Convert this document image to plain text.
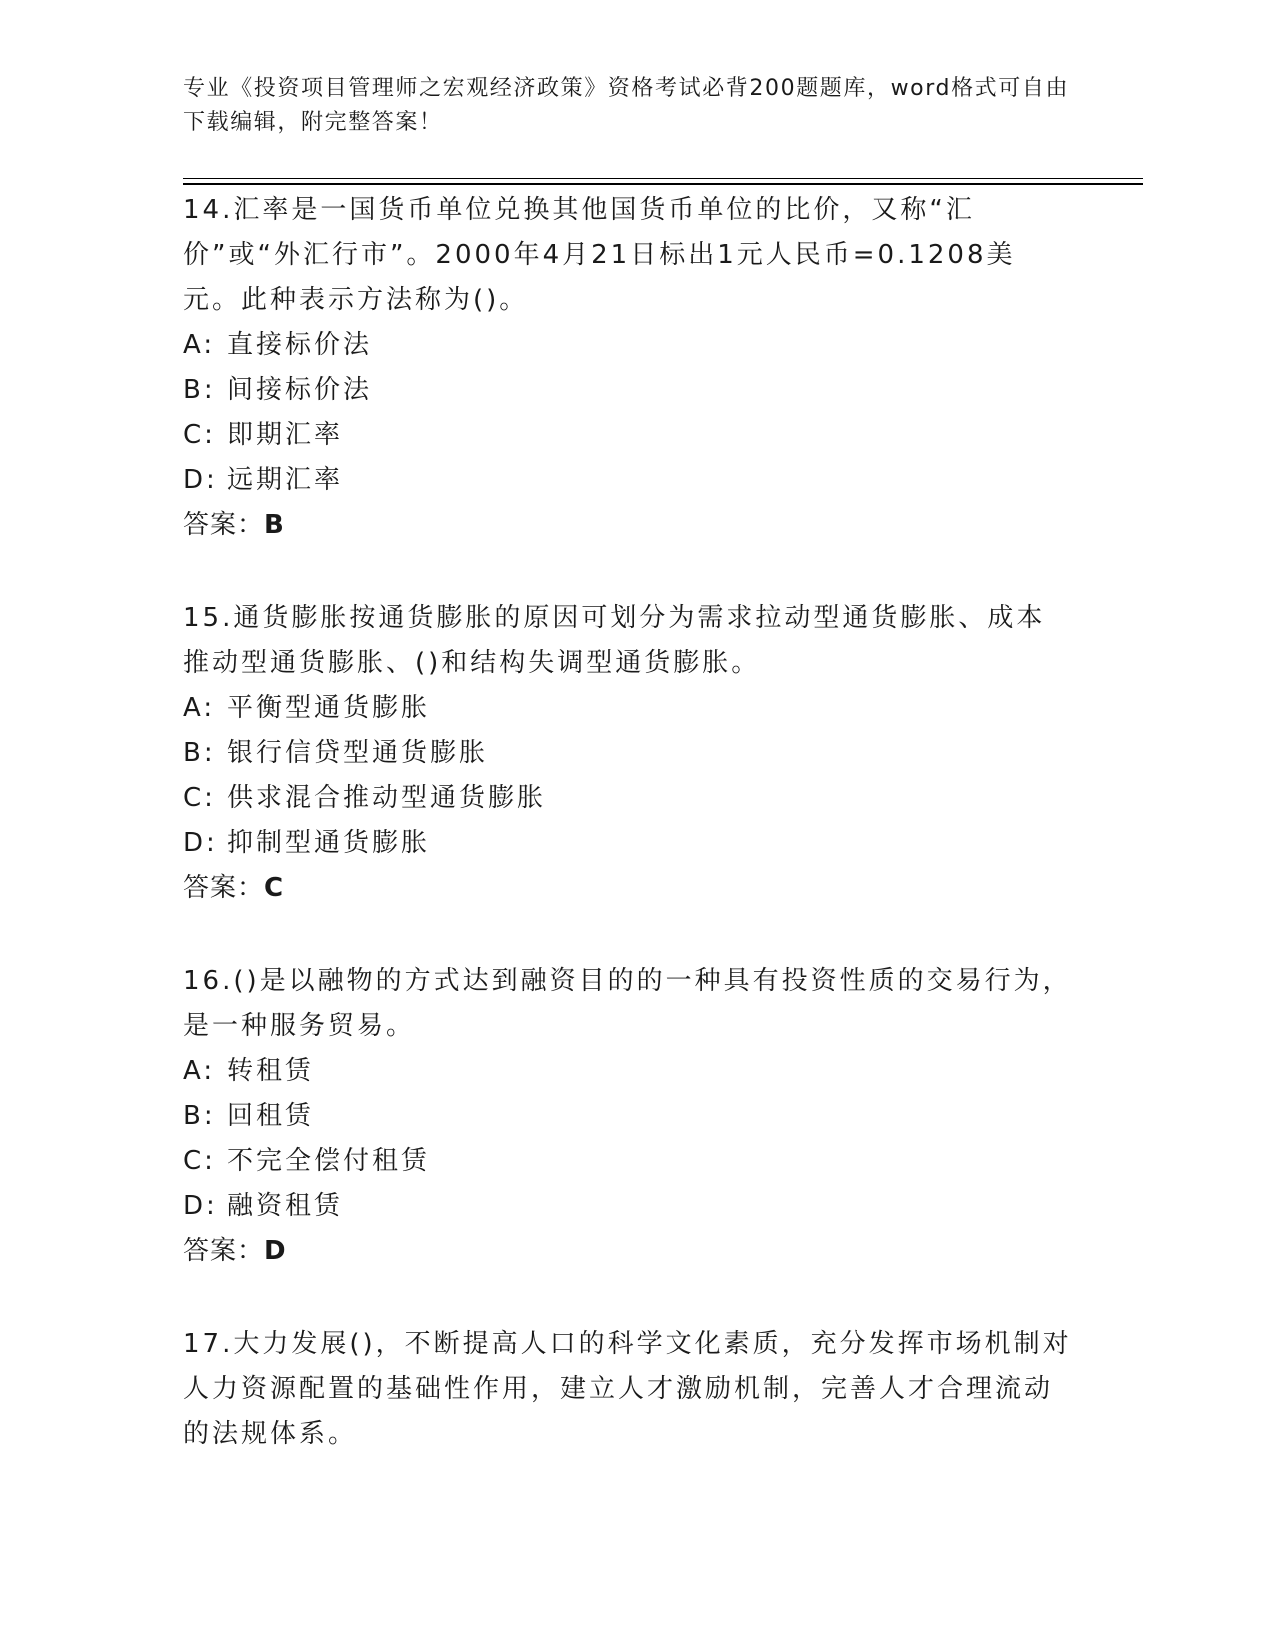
专业《投资项目管理师之宏观经济政策》资格考试必背200题题库，word格式可自由下载编辑，附完整答案！

14.汇率是一国货币单位兑换其他国货币单位的比价，又称“汇价”或“外汇行市”。2000年4月21日标出1元人民币=0.1208美元。此种表示方法称为()。

A: 直接标价法
B: 间接标价法
C: 即期汇率
D: 远期汇率
答案：B

15.通货膨胀按通货膨胀的原因可划分为需求拉动型通货膨胀、成本推动型通货膨胀、()和结构失调型通货膨胀。

A: 平衡型通货膨胀
B: 银行信贷型通货膨胀
C: 供求混合推动型通货膨胀
D: 抑制型通货膨胀
答案：C

16.()是以融物的方式达到融资目的的一种具有投资性质的交易行为，是一种服务贸易。

A: 转租赁
B: 回租赁
C: 不完全偿付租赁
D: 融资租赁
答案：D

17.大力发展()，不断提高人口的科学文化素质，充分发挥市场机制对人力资源配置的基础性作用，建立人才激励机制，完善人才合理流动的法规体系。
